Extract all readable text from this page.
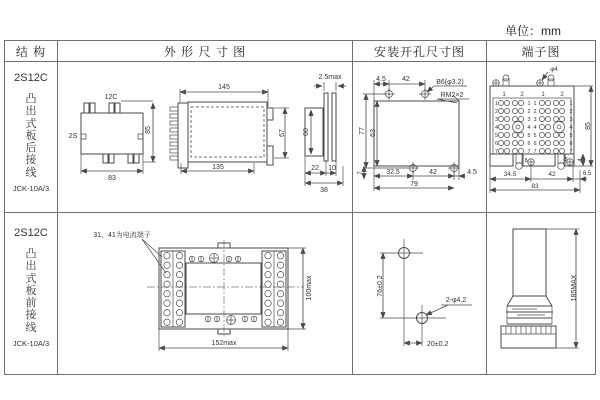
单位：mm
结 构	外 形 尺 寸 图	安装开孔尺寸图	端子图
2S12C
凸出式板后接线
JCK-10A/3
12C
2S
85
83
145
135
67 60
2.5max
22 10
38
4.5 42	B6(φ3.2)
RM2×2
77 63
7	32.5	42	4.5
79
φ4
1 2	1	2
1	1 1	1
2	2 2	2
3	3 3	3
4	4 4	4
5	5 5	5
6	6 6	6
7	7 7	7
8	8 4
85
34.5	42	6.5
83
2S12C
凸出式板前接线
JCK-10A/3
31、41为电流端子
152max
100max	76±0.2
20±0.2
2-φ4.2	185MAX
